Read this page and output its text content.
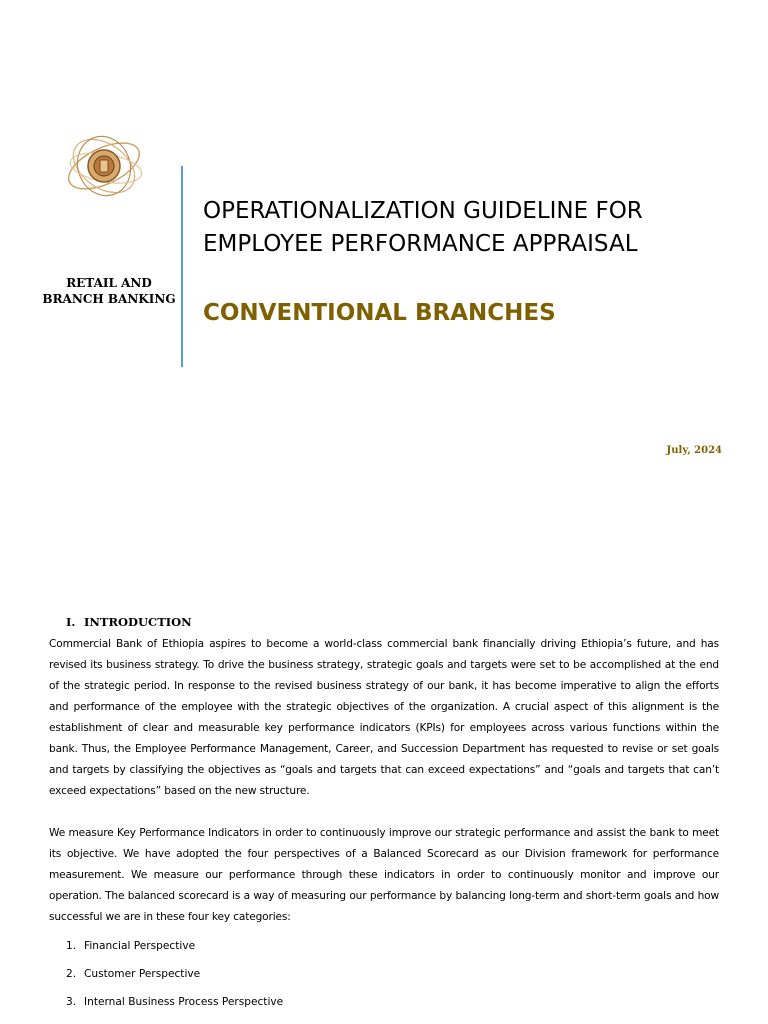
RETAIL AND BRANCH BANKING
OPERATIONALIZATION GUIDELINE FOR EMPLOYEE PERFORMANCE APPRAISAL
CONVENTIONAL BRANCHES
July, 2024
I. INTRODUCTION
Commercial Bank of Ethiopia aspires to become a world-class commercial bank financially driving Ethiopia’s future, and has revised its business strategy. To drive the business strategy, strategic goals and targets were set to be accomplished at the end of the strategic period. In response to the revised business strategy of our bank, it has become imperative to align the efforts and performance of the employee with the strategic objectives of the organization. A crucial aspect of this alignment is the establishment of clear and measurable key performance indicators (KPIs) for employees across various functions within the bank. Thus, the Employee Performance Management, Career, and Succession Department has requested to revise or set goals and targets by classifying the objectives as “goals and targets that can exceed expectations” and “goals and targets that can’t exceed expectations” based on the new structure.
We measure Key Performance Indicators in order to continuously improve our strategic performance and assist the bank to meet its objective. We have adopted the four perspectives of a Balanced Scorecard as our Division framework for performance measurement. We measure our performance through these indicators in order to continuously monitor and improve our operation. The balanced scorecard is a way of measuring our performance by balancing long-term and short-term goals and how successful we are in these four key categories:
1. Financial Perspective
2. Customer Perspective
3. Internal Business Process Perspective
